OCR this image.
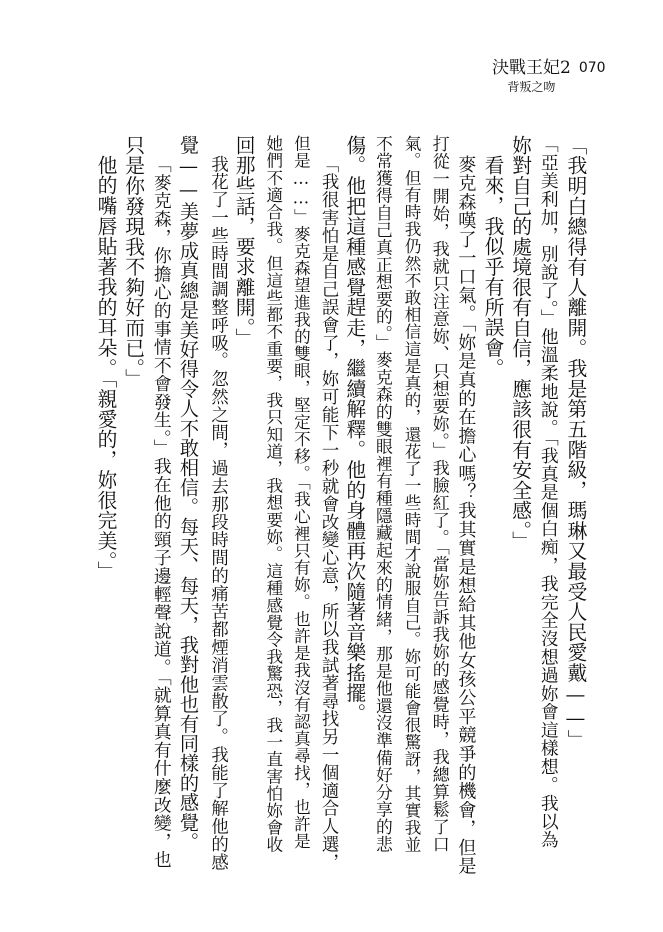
決戰王妃2
背叛之吻
070
「我明白總得有人離開。我是第五階級，瑪琳又最受人民愛戴——」
「亞美利加，別說了。」他溫柔地說。「我真是個白痴，我完全沒想過妳會這樣想。我以為
妳對自己的處境很有自信，應該很有安全感。」
看來，我似乎有所誤會。
麥克森嘆了一口氣。「妳是真的在擔心嗎？我其實是想給其他女孩公平競爭的機會，但是
打從一開始，我就只注意妳、只想要妳。」我臉紅了。「當妳告訴我妳的感覺時，我總算鬆了口
氣。但有時我仍然不敢相信這是真的，還花了一些時間才說服自己。妳可能會很驚訝，其實我並
不常獲得自己真正想要的。」麥克森的雙眼裡有種隱藏起來的情緒，那是他還沒準備好分享的悲
傷。他把這種感覺趕走，繼續解釋。他的身體再次隨著音樂搖擺。
「我很害怕是自己誤會了，妳可能下一秒就會改變心意，所以我試著尋找另一個適合人選，
但是……」麥克森望進我的雙眼，堅定不移。「我心裡只有妳。也許是我沒有認真尋找，也許是
她們不適合我。但這些都不重要，我只知道，我想要妳。這種感覺令我驚恐，我一直害怕妳會收
回那些話，要求離開。」
我花了一些時間調整呼吸。忽然之間，過去那段時間的痛苦都煙消雲散了。我能了解他的感
覺——美夢成真總是美好得令人不敢相信。每天、每天，我對他也有同樣的感覺。
「麥克森，你擔心的事情不會發生。」我在他的頸子邊輕聲說道。「就算真有什麼改變，也
只是你發現我不夠好而已。」
他的嘴唇貼著我的耳朵。「親愛的，妳很完美。」
